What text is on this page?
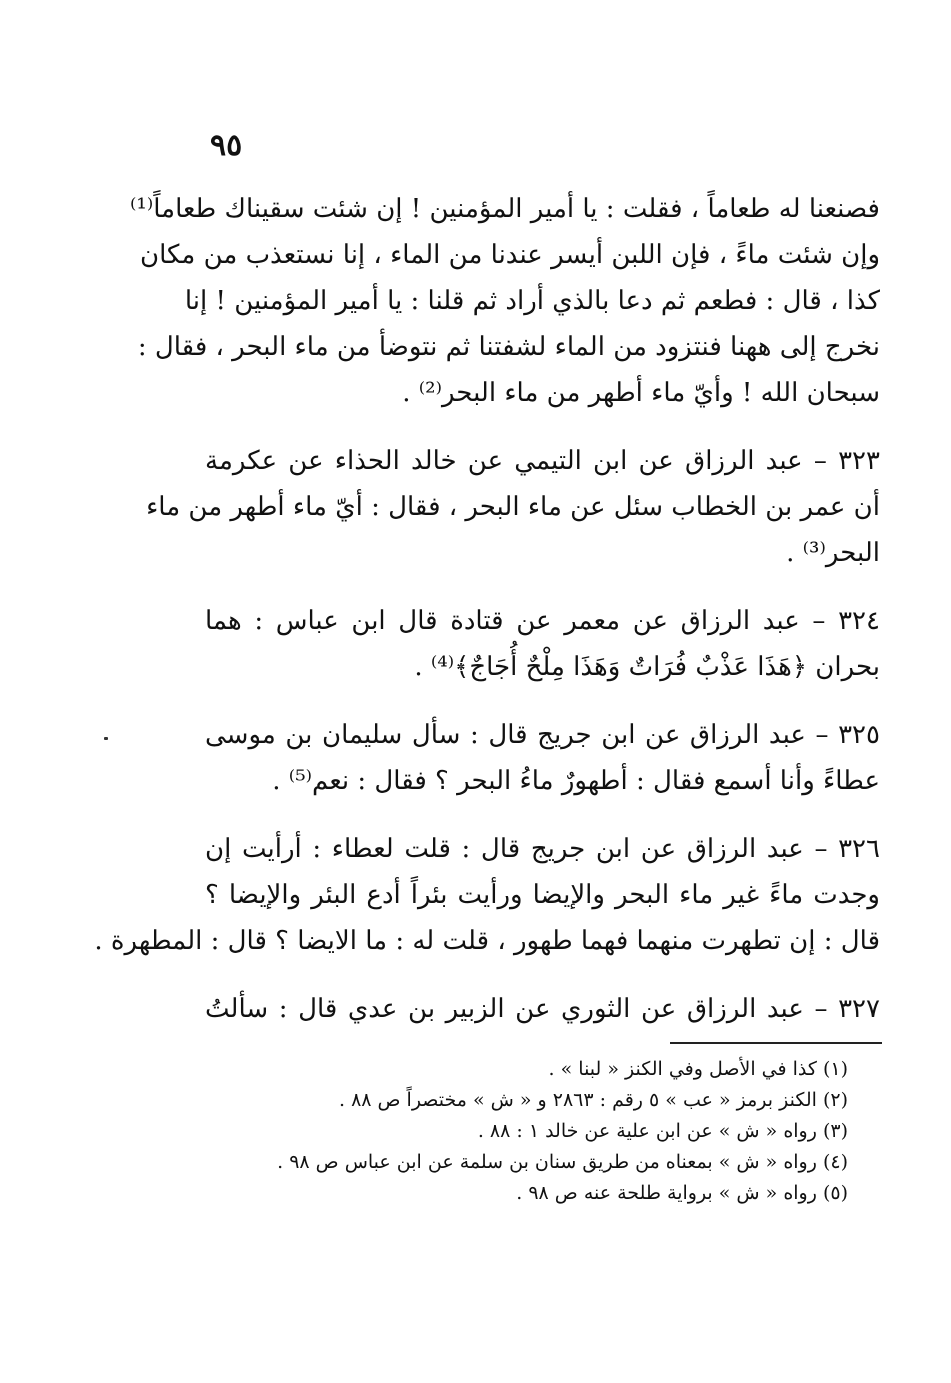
٩٥
فصنعنا له طعاماً ، فقلت : يا أمير المؤمنين ! إن شئت سقيناك طعاماً⁽¹⁾
وإن شئت ماءً ، فإن اللبن أيسر عندنا من الماء ، إنا نستعذب من مكان
كذا ، قال : فطعم ثم دعا بالذي أراد ثم قلنا : يا أمير المؤمنين ! إنا
نخرج إلى ههنا فنتزود من الماء لشفتنا ثم نتوضأ من ماء البحر ، فقال :
سبحان الله ! وأيّ ماء أطهر من ماء البحر⁽²⁾ .
٣٢٣ – عبد الرزاق عن ابن التيمي عن خالد الحذاء عن عكرمة
أن عمر بن الخطاب سئل عن ماء البحر ، فقال : أيّ ماء أطهر من ماء
البحر⁽³⁾ .
٣٢٤ – عبد الرزاق عن معمر عن قتادة قال ابن عباس : هما
بحران ﴿هَذَا عَذْبٌ فُرَاتٌ وَهَذَا مِلْحٌ أُجَاجٌ﴾⁽⁴⁾ .
٣٢٥ – عبد الرزاق عن ابن جريج قال : سأل سليمان بن موسى
عطاءً وأنا أسمع فقال : أطهورٌ ماءُ البحر ؟ فقال : نعم⁽⁵⁾ .
٣٢٦ – عبد الرزاق عن ابن جريج قال : قلت لعطاء : أرأيت إن
وجدت ماءً غير ماء البحر والإيضا ورأيت بئراً أدع البئر والإيضا ؟
قال : إن تطهرت منهما فهما طهور ، قلت له : ما الايضا ؟ قال : المطهرة .
٣٢٧ – عبد الرزاق عن الثوري عن الزبير بن عدي قال : سألتُ
(١) كذا في الأصل وفي الكنز « لبنا » .
(٢) الكنز برمز « عب » ٥ رقم : ٢٨٦٣ و « ش » مختصراً ص ٨٨ .
(٣) رواه « ش » عن ابن علية عن خالد ١ : ٨٨ .
(٤) رواه « ش » بمعناه من طريق سنان بن سلمة عن ابن عباس ص ٩٨ .
(٥) رواه « ش » برواية طلحة عنه ص ٩٨ .
